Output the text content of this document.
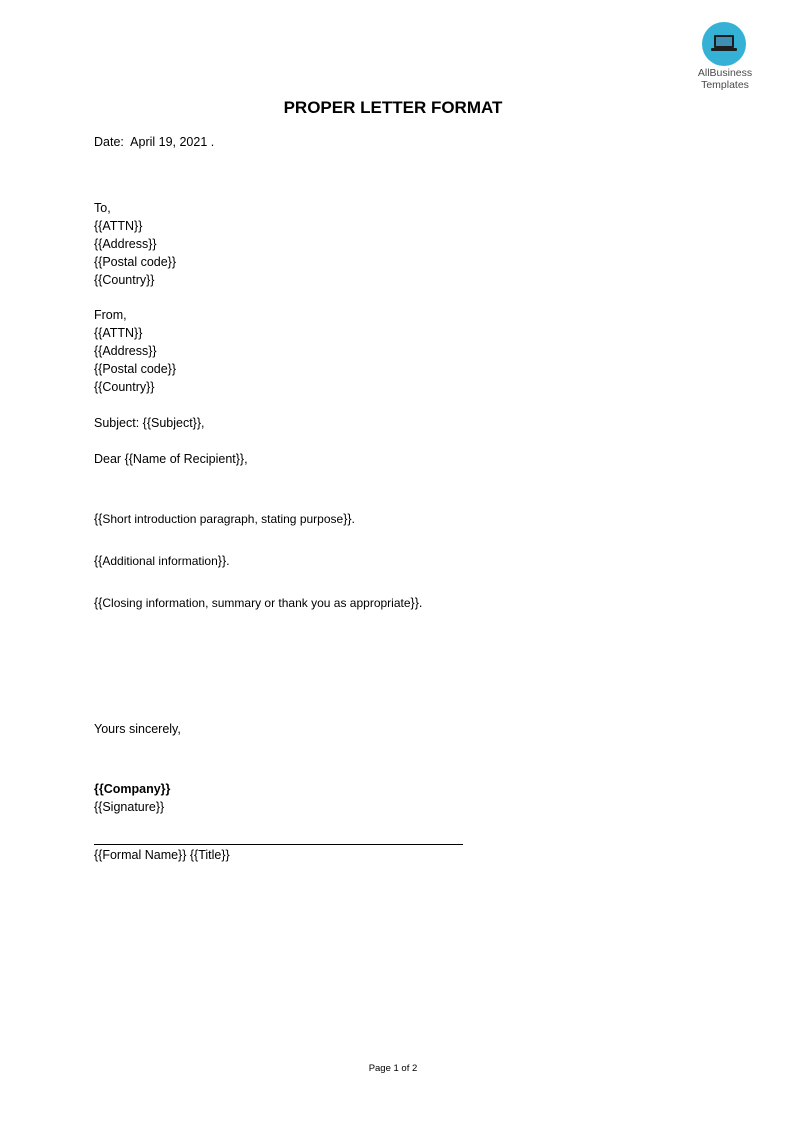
AllBusiness
Templates
PROPER LETTER FORMAT
Date: April 19, 2021 .
To,
{{ATTN}}
{{Address}}
{{Postal code}}
{{Country}}
From,
{{ATTN}}
{{Address}}
{{Postal code}}
{{Country}}
Subject: {{Subject}},
Dear {{Name of Recipient}},
{{Short introduction paragraph, stating purpose}}.
{{Additional information}}.
{{Closing information, summary or thank you as appropriate}}.
Yours sincerely,
{{Company}}
{{Signature}}
{{Formal Name}} {{Title}}
Page 1 of 2
